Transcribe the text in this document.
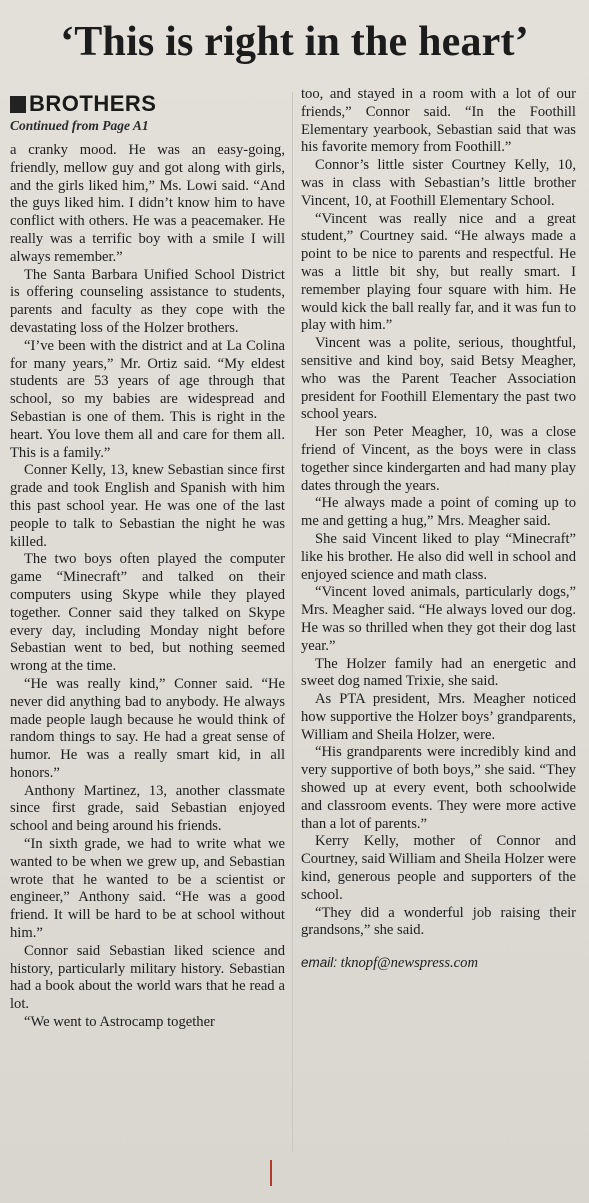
‘This is right in the heart’
BROTHERS
Continued from Page A1

a cranky mood. He was an easy-going, friendly, mellow guy and got along with girls, and the girls liked him,” Ms. Lowi said. “And the guys liked him. I didn’t know him to have conflict with others. He was a peacemaker. He really was a terrific boy with a smile I will always remember.”

The Santa Barbara Unified School District is offering counseling assistance to students, parents and faculty as they cope with the devastating loss of the Holzer brothers.

“I’ve been with the district and at La Colina for many years,” Mr. Ortiz said. “My eldest students are 53 years of age through that school, so my babies are widespread and Sebastian is one of them. This is right in the heart. You love them all and care for them all. This is a family.”

Conner Kelly, 13, knew Sebastian since first grade and took English and Spanish with him this past school year. He was one of the last people to talk to Sebastian the night he was killed.

The two boys often played the computer game “Minecraft” and talked on their computers using Skype while they played together. Conner said they talked on Skype every day, including Monday night before Sebastian went to bed, but nothing seemed wrong at the time.

“He was really kind,” Conner said. “He never did anything bad to anybody. He always made people laugh because he would think of random things to say. He had a great sense of humor. He was a really smart kid, in all honors.”

Anthony Martinez, 13, another classmate since first grade, said Sebastian enjoyed school and being around his friends.

“In sixth grade, we had to write what we wanted to be when we grew up, and Sebastian wrote that he wanted to be a scientist or engineer,” Anthony said. “He was a good friend. It will be hard to be at school without him.”

Connor said Sebastian liked science and history, particularly military history. Sebastian had a book about the world wars that he read a lot.

“We went to Astrocamp together

too, and stayed in a room with a lot of our friends,” Connor said. “In the Foothill Elementary yearbook, Sebastian said that was his favorite memory from Foothill.”

Connor’s little sister Courtney Kelly, 10, was in class with Sebastian’s little brother Vincent, 10, at Foothill Elementary School.

“Vincent was really nice and a great student,” Courtney said. “He always made a point to be nice to parents and respectful. He was a little bit shy, but really smart. I remember playing four square with him. He would kick the ball really far, and it was fun to play with him.”

Vincent was a polite, serious, thoughtful, sensitive and kind boy, said Betsy Meagher, who was the Parent Teacher Association president for Foothill Elementary the past two school years.

Her son Peter Meagher, 10, was a close friend of Vincent, as the boys were in class together since kindergarten and had many play dates through the years.

“He always made a point of coming up to me and getting a hug,” Mrs. Meagher said.

She said Vincent liked to play “Minecraft” like his brother. He also did well in school and enjoyed science and math class.

“Vincent loved animals, particularly dogs,” Mrs. Meagher said. “He always loved our dog. He was so thrilled when they got their dog last year.”

The Holzer family had an energetic and sweet dog named Trixie, she said.

As PTA president, Mrs. Meagher noticed how supportive the Holzer boys’ grandparents, William and Sheila Holzer, were.

“His grandparents were incredibly kind and very supportive of both boys,” she said. “They showed up at every event, both schoolwide and classroom events. They were more active than a lot of parents.”

Kerry Kelly, mother of Connor and Courtney, said William and Sheila Holzer were kind, generous people and supporters of the school.

“They did a wonderful job raising their grandsons,” she said.

email: tknopf@newspress.com
